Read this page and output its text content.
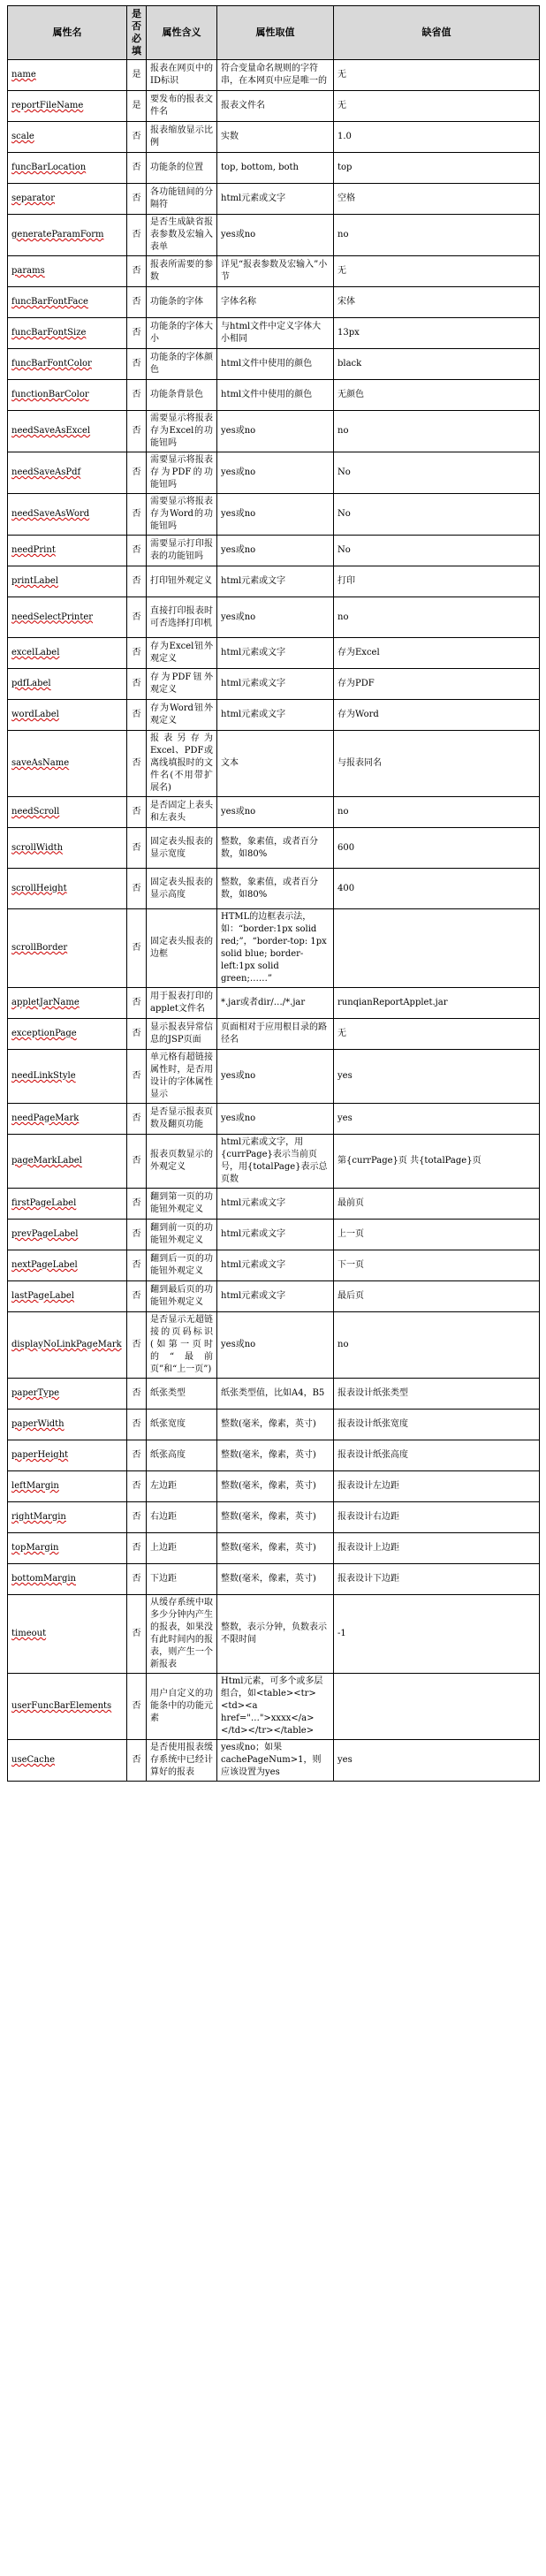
属性名	是否必填	属性含义	属性取值	缺省值
name	是	报表在网页中的ID标识	符合变量命名规则的字符串，在本网页中应是唯一的	无
reportFileName	是	要发布的报表文件名	报表文件名	无
scale	否	报表缩放显示比例	实数	1.0
funcBarLocation	否	功能条的位置	top, bottom, both	top
separator	否	各功能钮间的分隔符	html元素或文字	空格
generateParamForm	否	是否生成缺省报表参数及宏输入表单	yes或no	no
params	否	报表所需要的参数	详见“报表参数及宏输入”小节	无
funcBarFontFace	否	功能条的字体	字体名称	宋体
funcBarFontSize	否	功能条的字体大小	与html文件中定义字体大小相同	13px
funcBarFontColor	否	功能条的字体颜色	html文件中使用的颜色	black
functionBarColor	否	功能条背景色	html文件中使用的颜色	无颜色
needSaveAsExcel	否	需要显示将报表存为Excel的功能钮吗	yes或no	no
needSaveAsPdf	否	需要显示将报表存为PDF的功能钮吗	yes或no	No
needSaveAsWord	否	需要显示将报表存为Word的功能钮吗	yes或no	No
needPrint	否	需要显示打印报表的功能钮吗	yes或no	No
printLabel	否	打印钮外观定义	html元素或文字	打印
needSelectPrinter	否	直接打印报表时可否选择打印机	yes或no	no
excelLabel	否	存为Excel钮外观定义	html元素或文字	存为Excel
pdfLabel	否	存为PDF钮外观定义	html元素或文字	存为PDF
wordLabel	否	存为Word钮外观定义	html元素或文字	存为Word
saveAsName	否	报表另存为Excel、PDF或离线填报时的文件名(不用带扩展名)	文本	与报表同名
needScroll	否	是否固定上表头和左表头	yes或no	no
scrollWidth	否	固定表头报表的显示宽度	整数，象素值，或者百分数，如80%	600
scrollHeight	否	固定表头报表的显示高度	整数，象素值，或者百分数，如80%	400
scrollBorder	否	固定表头报表的边框	HTML的边框表示法，如：“border:1px solid red;”，“border-top: 1px solid blue; border-left:1px solid green;……”	
appletJarName	否	用于报表打印的applet文件名	*.jar或者dir/…/*.jar	runqianReportApplet.jar
exceptionPage	否	显示报表异常信息的JSP页面	页面相对于应用根目录的路径名	无
needLinkStyle	否	单元格有超链接属性时，是否用设计的字体属性显示	yes或no	yes
needPageMark	否	是否显示报表页数及翻页功能	yes或no	yes
pageMarkLabel	否	报表页数显示的外观定义	html元素或文字，用{currPage}表示当前页号，用{totalPage}表示总页数	第{currPage}页 共{totalPage}页
firstPageLabel	否	翻到第一页的功能钮外观定义	html元素或文字	最前页
prevPageLabel	否	翻到前一页的功能钮外观定义	html元素或文字	上一页
nextPageLabel	否	翻到后一页的功能钮外观定义	html元素或文字	下一页
lastPageLabel	否	翻到最后页的功能钮外观定义	html元素或文字	最后页
displayNoLinkPageMark	否	是否显示无超链接的页码标识(如第一页时的“最前页”和“上一页”)	yes或no	no
paperType	否	纸张类型	纸张类型值，比如A4，B5	报表设计纸张类型
paperWidth	否	纸张宽度	整数(毫米，像素，英寸)	报表设计纸张宽度
paperHeight	否	纸张高度	整数(毫米，像素，英寸)	报表设计纸张高度
leftMargin	否	左边距	整数(毫米，像素，英寸)	报表设计左边距
rightMargin	否	右边距	整数(毫米，像素，英寸)	报表设计右边距
topMargin	否	上边距	整数(毫米，像素，英寸)	报表设计上边距
bottomMargin	否	下边距	整数(毫米，像素，英寸)	报表设计下边距
timeout	否	从缓存系统中取多少分钟内产生的报表，如果没有此时间内的报表，则产生一个新报表	整数，表示分钟，负数表示不限时间	-1
userFuncBarElements	否	用户自定义的功能条中的功能元素	Html元素，可多个或多层组合，如<table><tr><td><a href="…">xxxx</a></td></tr></table>	
useCache	否	是否使用报表缓存系统中已经计算好的报表	yes或no；如果cachePageNum>1，则应该设置为yes	yes
